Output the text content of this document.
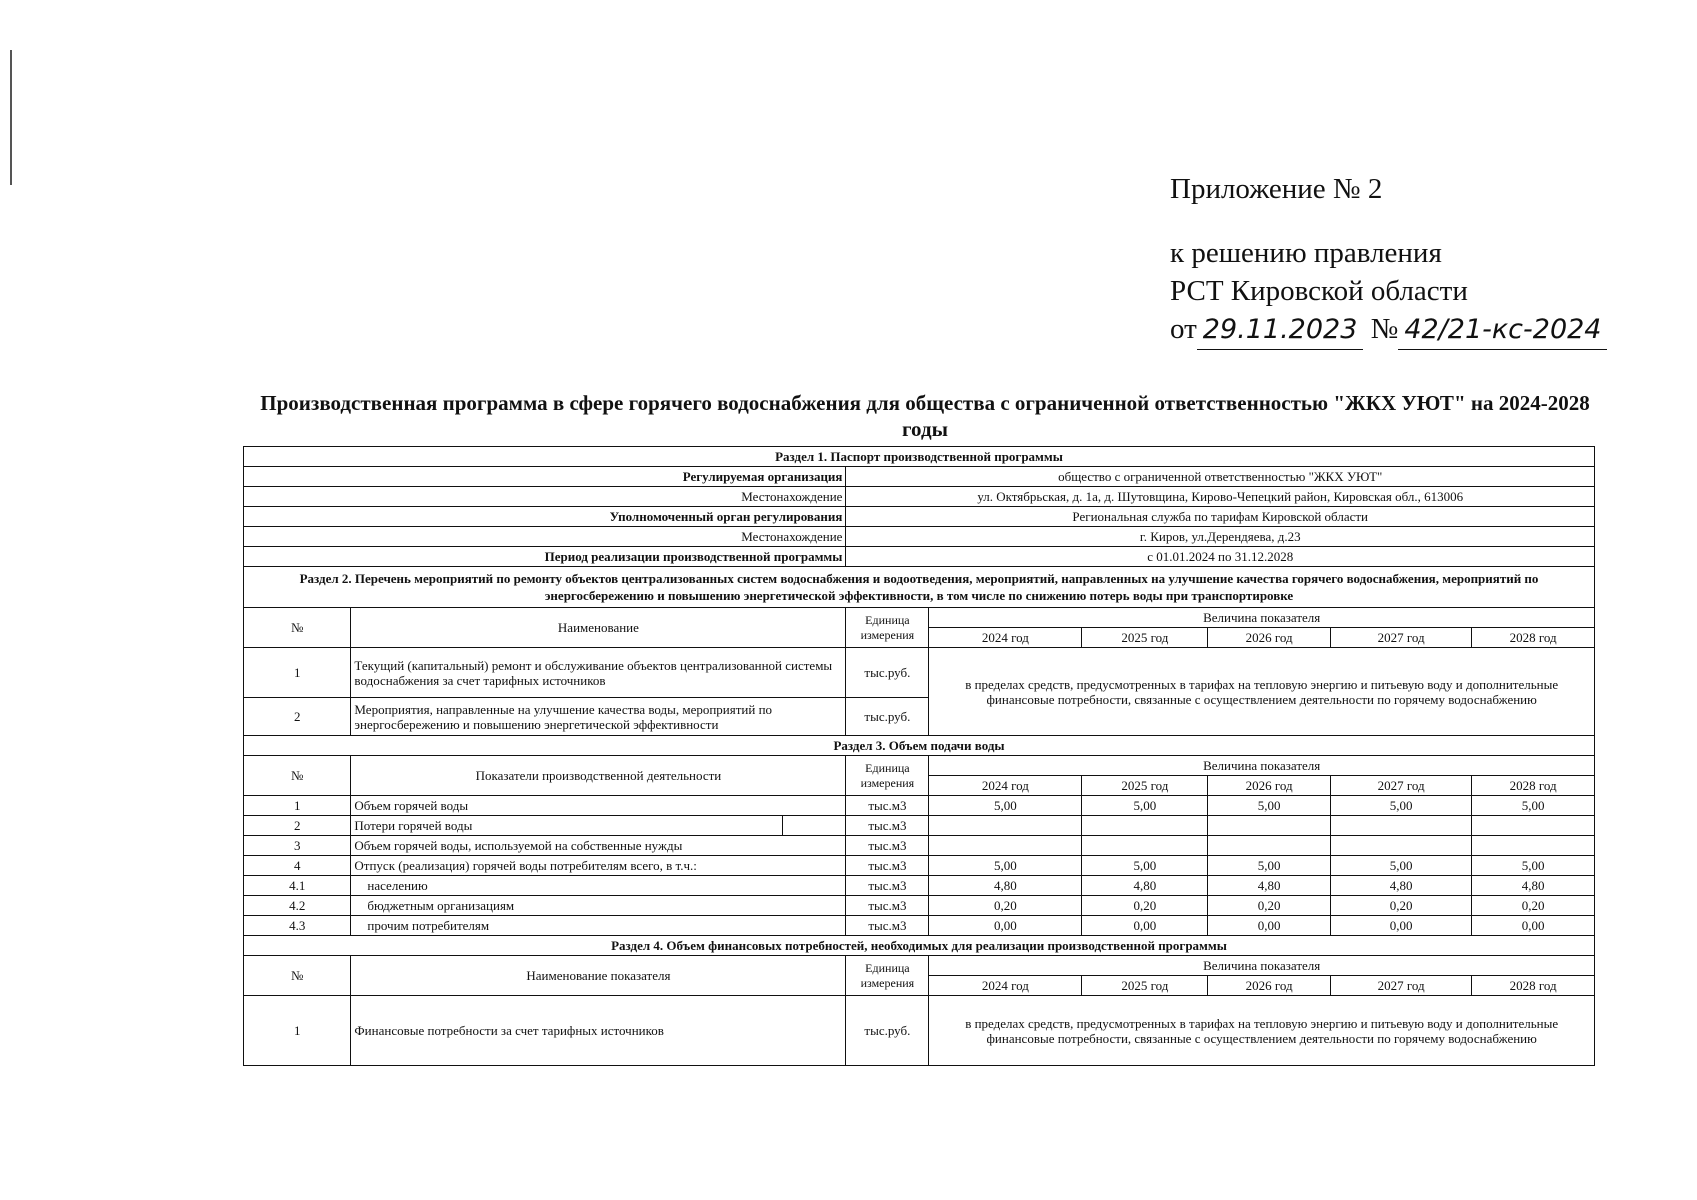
Приложение № 2
к решению правления
РСТ Кировской области
от 29.11.2023 № 42/21-кс-2024
Производственная программа в сфере горячего водоснабжения для общества с ограниченной ответственностью "ЖКХ УЮТ" на 2024-2028 годы
Раздел 1. Паспорт производственной программы								
Регулируемая организация			общество с ограниченной ответственностью "ЖКХ УЮТ"					
Местонахождение			ул. Октябрьская, д. 1а, д. Шутовщина, Кирово-Чепецкий район, Кировская обл., 613006					
Уполномоченный орган регулирования			Региональная служба по тарифам Кировской области					
Местонахождение			г. Киров, ул.Дерендяева, д.23					
Период реализации производственной программы			с 01.01.2024 по 31.12.2028					
Раздел 2. Перечень мероприятий по ремонту объектов централизованных систем водоснабжения и водоотведения, мероприятий, направленных на улучшение качества горячего водоснабжения, мероприятий по энергосбережению и повышению энергетической эффективности, в том числе по снижению потерь воды при транспортировке								
№	Наименование		Единица измерения	Величина показателя				
				2024 год	2025 год	2026 год	2027 год	2028 год
1	Текущий (капитальный) ремонт и обслуживание объектов централизованной системы водоснабжения за счет тарифных источников		тыс.руб.	в пределах средств, предусмотренных в тарифах на тепловую энергию и питьевую воду и дополнительные финансовые потребности, связанные с осуществлением деятельности по горячему водоснабжению				
2	Мероприятия, направленные на улучшение качества воды, мероприятий по энергосбережению и повышению энергетической эффективности		тыс.руб.					
Раздел 3. Объем подачи воды								
№	Показатели производственной деятельности		Единица измерения	Величина показателя				
				2024 год	2025 год	2026 год	2027 год	2028 год
1	Объем горячей воды		тыс.м3	5,00	5,00	5,00	5,00	5,00
2	Потери горячей воды		тыс.м3					
3	Объем горячей воды, используемой на собственные нужды		тыс.м3					
4	Отпуск (реализация) горячей воды потребителям всего, в т.ч.:		тыс.м3	5,00	5,00	5,00	5,00	5,00
4.1	населению		тыс.м3	4,80	4,80	4,80	4,80	4,80
4.2	бюджетным организациям		тыс.м3	0,20	0,20	0,20	0,20	0,20
4.3	прочим потребителям		тыс.м3	0,00	0,00	0,00	0,00	0,00
Раздел 4. Объем финансовых потребностей, необходимых для реализации производственной программы								
№	Наименование показателя		Единица измерения	Величина показателя				
				2024 год	2025 год	2026 год	2027 год	2028 год
1	Финансовые потребности за счет тарифных источников		тыс.руб.	в пределах средств, предусмотренных в тарифах на тепловую энергию и питьевую воду и дополнительные финансовые потребности, связанные с осуществлением деятельности по горячему водоснабжению				
